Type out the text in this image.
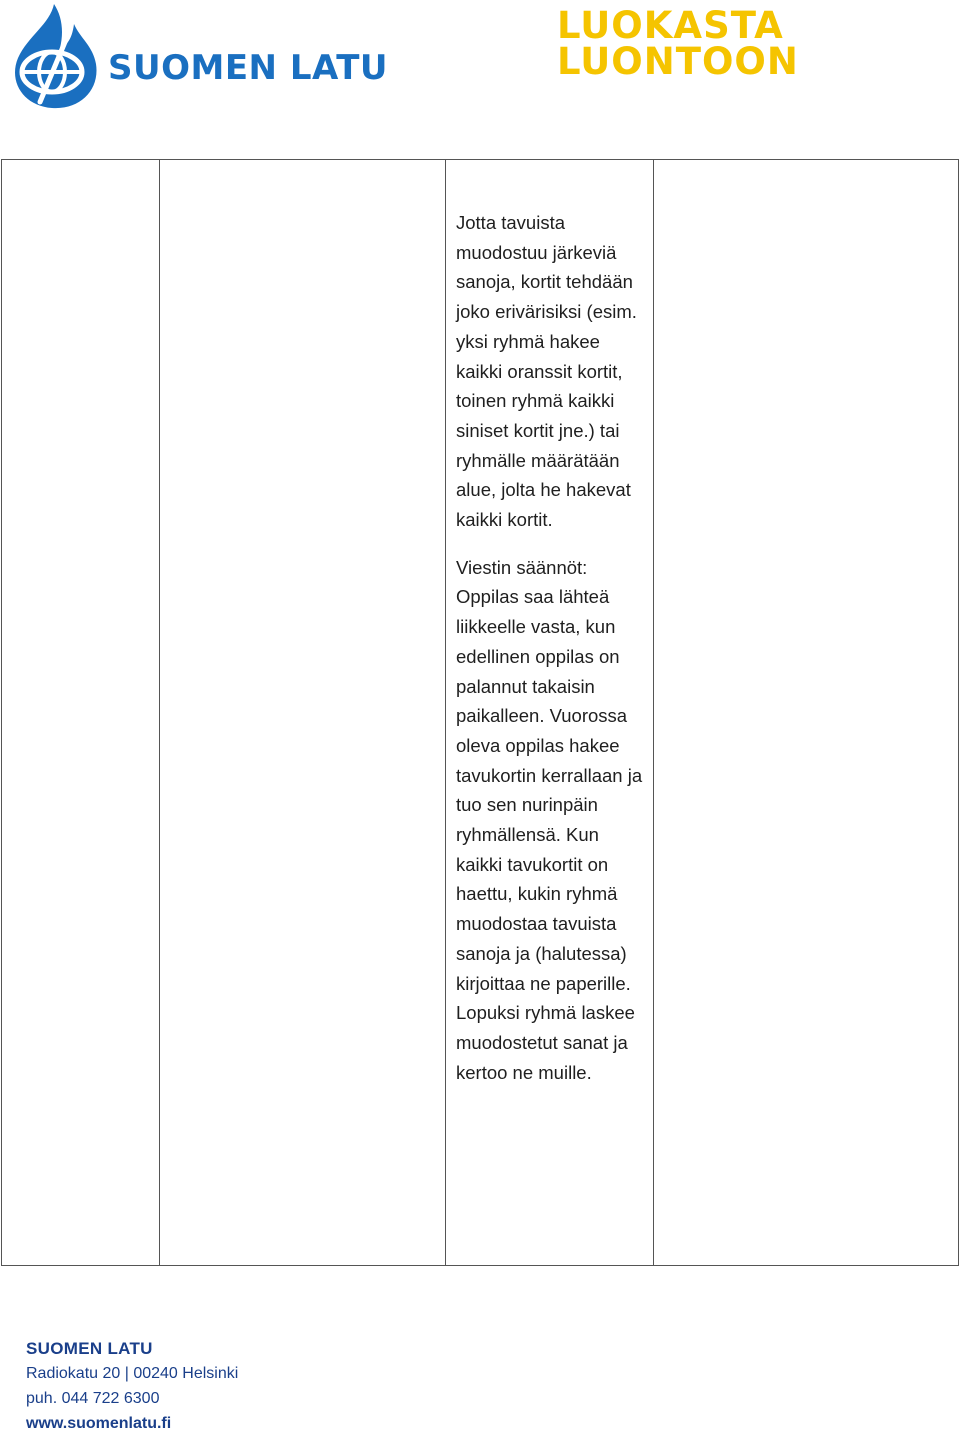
SUOMEN LATU
LUOKASTA
LUONTOON

Jotta tavuista muodostuu järkeviä sanoja, kortit tehdään joko erivärisiksi (esim. yksi ryhmä hakee kaikki oranssit kortit, toinen ryhmä kaikki siniset kortit jne.) tai ryhmälle määrätään alue, jolta he hakevat kaikki kortit.

Viestin säännöt: Oppilas saa lähteä liikkeelle vasta, kun edellinen oppilas on palannut takaisin paikalleen. Vuorossa oleva oppilas hakee tavukortin kerrallaan ja tuo sen nurinpäin ryhmällensä. Kun kaikki tavukortit on haettu, kukin ryhmä muodostaa tavuista sanoja ja (halutessa) kirjoittaa ne paperille. Lopuksi ryhmä laskee muodostetut sanat ja kertoo ne muille.

SUOMEN LATU
Radiokatu 20 | 00240 Helsinki
puh. 044 722 6300
www.suomenlatu.fi
